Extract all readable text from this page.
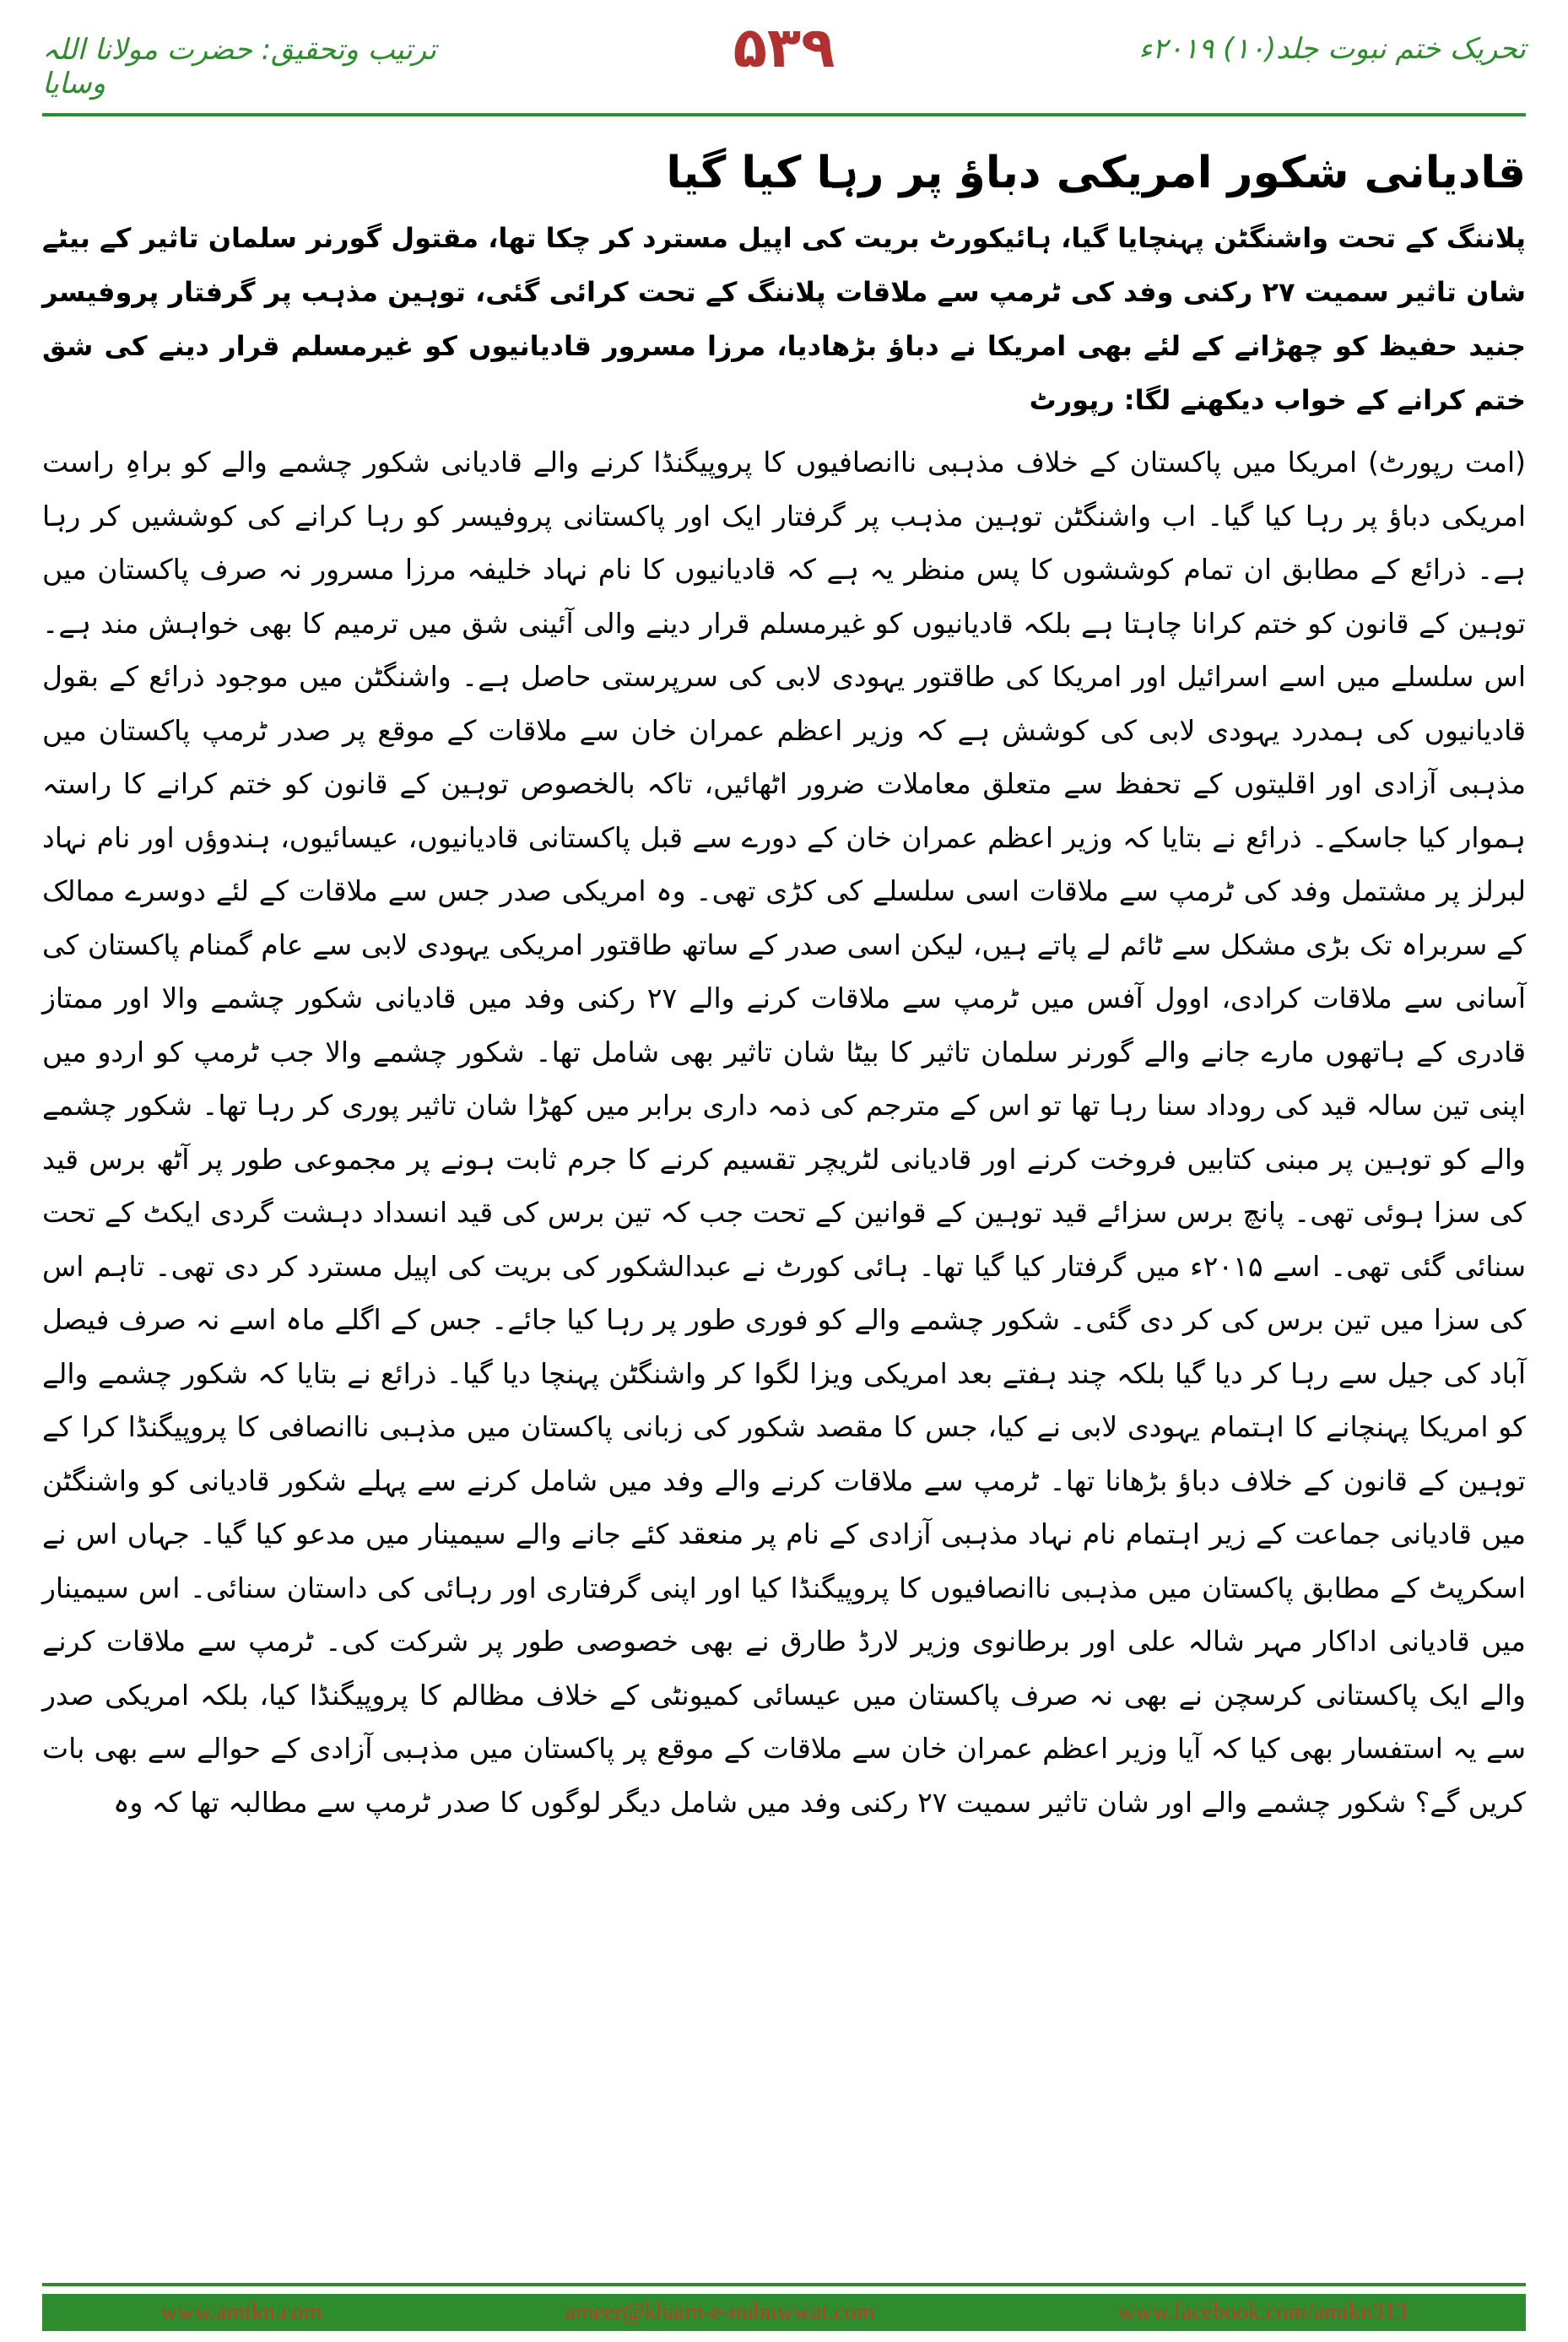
تحریک ختم نبوت جلد(۱۰) ۲۰۱۹ء
۵۳۹
ترتیب وتحقیق: حضرت مولانا اللہ وسایا
قادیانی شکور امریکی دباؤ پر رہا کیا گیا

پلاننگ کے تحت واشنگٹن پہنچایا گیا، ہائیکورٹ بریت کی اپیل مسترد کر چکا تھا، مقتول گورنر سلمان تاثیر کے بیٹے شان تاثیر سمیت ۲۷ رکنی وفد کی ٹرمپ سے ملاقات پلاننگ کے تحت کرائی گئی، توہین مذہب پر گرفتار پروفیسر جنید حفیظ کو چھڑانے کے لئے بھی امریکا نے دباؤ بڑھادیا، مرزا مسرور قادیانیوں کو غیرمسلم قرار دینے کی شق ختم کرانے کے خواب دیکھنے لگا: رپورٹ

(امت رپورٹ) امریکا میں پاکستان کے خلاف مذہبی ناانصافیوں کا پروپیگنڈا کرنے والے قادیانی شکور چشمے والے کو براہِ راست امریکی دباؤ پر رہا کیا گیا۔ اب واشنگٹن توہین مذہب پر گرفتار ایک اور پاکستانی پروفیسر کو رہا کرانے کی کوششیں کر رہا ہے۔ ذرائع کے مطابق ان تمام کوششوں کا پس منظر یہ ہے کہ قادیانیوں کا نام نہاد خلیفہ مرزا مسرور نہ صرف پاکستان میں توہین کے قانون کو ختم کرانا چاہتا ہے بلکہ قادیانیوں کو غیرمسلم قرار دینے والی آئینی شق میں ترمیم کا بھی خواہش مند ہے۔ اس سلسلے میں اسے اسرائیل اور امریکا کی طاقتور یہودی لابی کی سرپرستی حاصل ہے۔ واشنگٹن میں موجود ذرائع کے بقول قادیانیوں کی ہمدرد یہودی لابی کی کوشش ہے کہ وزیر اعظم عمران خان سے ملاقات کے موقع پر صدر ٹرمپ پاکستان میں مذہبی آزادی اور اقلیتوں کے تحفظ سے متعلق معاملات ضرور اٹھائیں، تاکہ بالخصوص توہین کے قانون کو ختم کرانے کا راستہ ہموار کیا جاسکے۔ ذرائع نے بتایا کہ وزیر اعظم عمران خان کے دورے سے قبل پاکستانی قادیانیوں، عیسائیوں، ہندوؤں اور نام نہاد لبرلز پر مشتمل وفد کی ٹرمپ سے ملاقات اسی سلسلے کی کڑی تھی۔ وہ امریکی صدر جس سے ملاقات کے لئے دوسرے ممالک کے سربراہ تک بڑی مشکل سے ٹائم لے پاتے ہیں، لیکن اسی صدر کے ساتھ طاقتور امریکی یہودی لابی سے عام گمنام پاکستان کی آسانی سے ملاقات کرادی، اوول آفس میں ٹرمپ سے ملاقات کرنے والے ۲۷ رکنی وفد میں قادیانی شکور چشمے والا اور ممتاز قادری کے ہاتھوں مارے جانے والے گورنر سلمان تاثیر کا بیٹا شان تاثیر بھی شامل تھا۔ شکور چشمے والا جب ٹرمپ کو اردو میں اپنی تین سالہ قید کی روداد سنا رہا تھا تو اس کے مترجم کی ذمہ داری برابر میں کھڑا شان تاثیر پوری کر رہا تھا۔ شکور چشمے والے کو توہین پر مبنی کتابیں فروخت کرنے اور قادیانی لٹریچر تقسیم کرنے کا جرم ثابت ہونے پر مجموعی طور پر آٹھ برس قید کی سزا ہوئی تھی۔ پانچ برس سزائے قید توہین کے قوانین کے تحت جب کہ تین برس کی قید انسداد دہشت گردی ایکٹ کے تحت سنائی گئی تھی۔ اسے ۲۰۱۵ء میں گرفتار کیا گیا تھا۔ ہائی کورٹ نے عبدالشکور کی بریت کی اپیل مسترد کر دی تھی۔ تاہم اس کی سزا میں تین برس کی کر دی گئی۔ شکور چشمے والے کو فوری طور پر رہا کیا جائے۔ جس کے اگلے ماہ اسے نہ صرف فیصل آباد کی جیل سے رہا کر دیا گیا بلکہ چند ہفتے بعد امریکی ویزا لگوا کر واشنگٹن پہنچا دیا گیا۔ ذرائع نے بتایا کہ شکور چشمے والے کو امریکا پہنچانے کا اہتمام یہودی لابی نے کیا، جس کا مقصد شکور کی زبانی پاکستان میں مذہبی ناانصافی کا پروپیگنڈا کرا کے توہین کے قانون کے خلاف دباؤ بڑھانا تھا۔ ٹرمپ سے ملاقات کرنے والے وفد میں شامل کرنے سے پہلے شکور قادیانی کو واشنگٹن میں قادیانی جماعت کے زیر اہتمام نام نہاد مذہبی آزادی کے نام پر منعقد کئے جانے والے سیمینار میں مدعو کیا گیا۔ جہاں اس نے اسکرپٹ کے مطابق پاکستان میں مذہبی ناانصافیوں کا پروپیگنڈا کیا اور اپنی گرفتاری اور رہائی کی داستان سنائی۔ اس سیمینار میں قادیانی اداکار مہر شالہ علی اور برطانوی وزیر لارڈ طارق نے بھی خصوصی طور پر شرکت کی۔ ٹرمپ سے ملاقات کرنے والے ایک پاکستانی کرسچن نے بھی نہ صرف پاکستان میں عیسائی کمیونٹی کے خلاف مظالم کا پروپیگنڈا کیا، بلکہ امریکی صدر سے یہ استفسار بھی کیا کہ آیا وزیر اعظم عمران خان سے ملاقات کے موقع پر پاکستان میں مذہبی آزادی کے حوالے سے بھی بات کریں گے؟ شکور چشمے والے اور شان تاثیر سمیت ۲۷ رکنی وفد میں شامل دیگر لوگوں کا صدر ٹرمپ سے مطالبہ تھا کہ وہ

www.amtkn.com	ameer@khatm-e-nubuwwat.com	www.facebook.com/amtkn313
